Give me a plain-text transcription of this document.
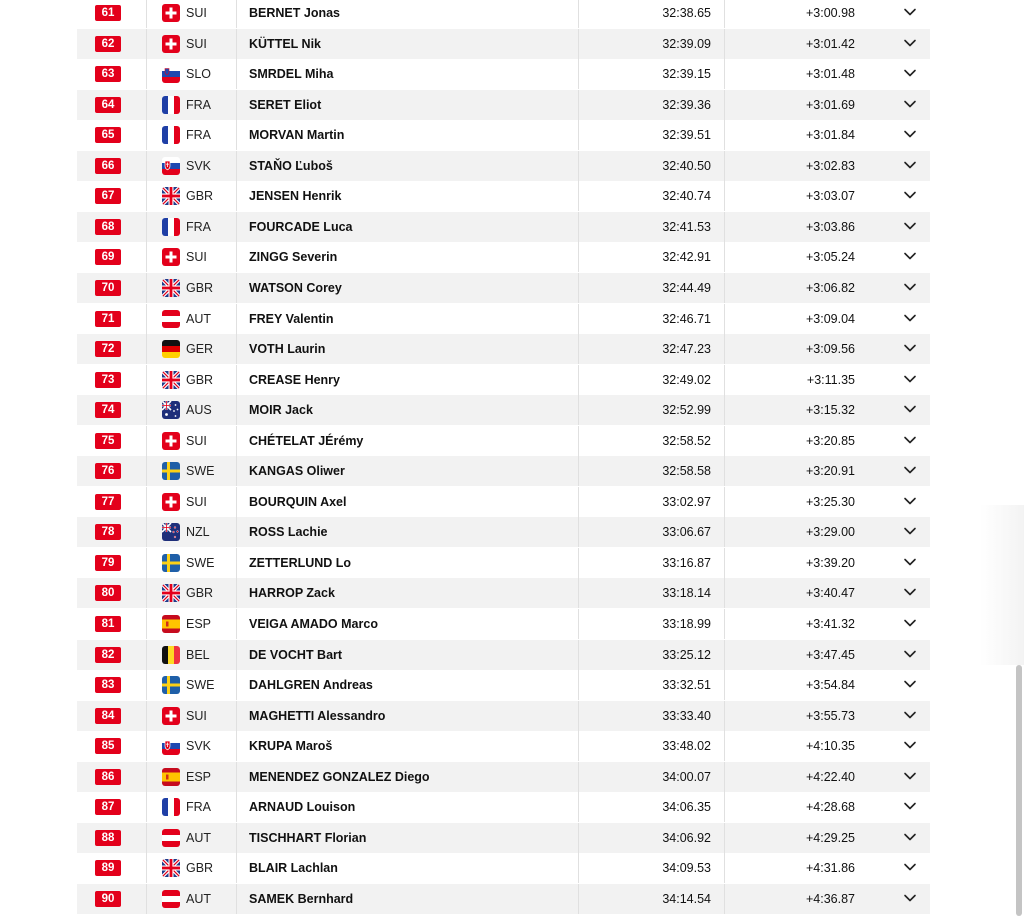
61	SUI	BERNET Jonas	32:38.65	+3:00.98
62	SUI	KÜTTEL Nik	32:39.09	+3:01.42
63	SLO	SMRDEL Miha	32:39.15	+3:01.48
64	FRA	SERET Eliot	32:39.36	+3:01.69
65	FRA	MORVAN Martin	32:39.51	+3:01.84
66	SVK	STAŇO Ľuboš	32:40.50	+3:02.83
67	GBR	JENSEN Henrik	32:40.74	+3:03.07
68	FRA	FOURCADE Luca	32:41.53	+3:03.86
69	SUI	ZINGG Severin	32:42.91	+3:05.24
70	GBR	WATSON Corey	32:44.49	+3:06.82
71	AUT	FREY Valentin	32:46.71	+3:09.04
72	GER	VOTH Laurin	32:47.23	+3:09.56
73	GBR	CREASE Henry	32:49.02	+3:11.35
74	AUS	MOIR Jack	32:52.99	+3:15.32
75	SUI	CHÉTELAT JÉrémy	32:58.52	+3:20.85
76	SWE	KANGAS Oliwer	32:58.58	+3:20.91
77	SUI	BOURQUIN Axel	33:02.97	+3:25.30
78	NZL	ROSS Lachie	33:06.67	+3:29.00
79	SWE	ZETTERLUND Lo	33:16.87	+3:39.20
80	GBR	HARROP Zack	33:18.14	+3:40.47
81	ESP	VEIGA AMADO Marco	33:18.99	+3:41.32
82	BEL	DE VOCHT Bart	33:25.12	+3:47.45
83	SWE	DAHLGREN Andreas	33:32.51	+3:54.84
84	SUI	MAGHETTI Alessandro	33:33.40	+3:55.73
85	SVK	KRUPA Maroš	33:48.02	+4:10.35
86	ESP	MENENDEZ GONZALEZ Diego	34:00.07	+4:22.40
87	FRA	ARNAUD Louison	34:06.35	+4:28.68
88	AUT	TISCHHART Florian	34:06.92	+4:29.25
89	GBR	BLAIR Lachlan	34:09.53	+4:31.86
90	AUT	SAMEK Bernhard	34:14.54	+4:36.87
